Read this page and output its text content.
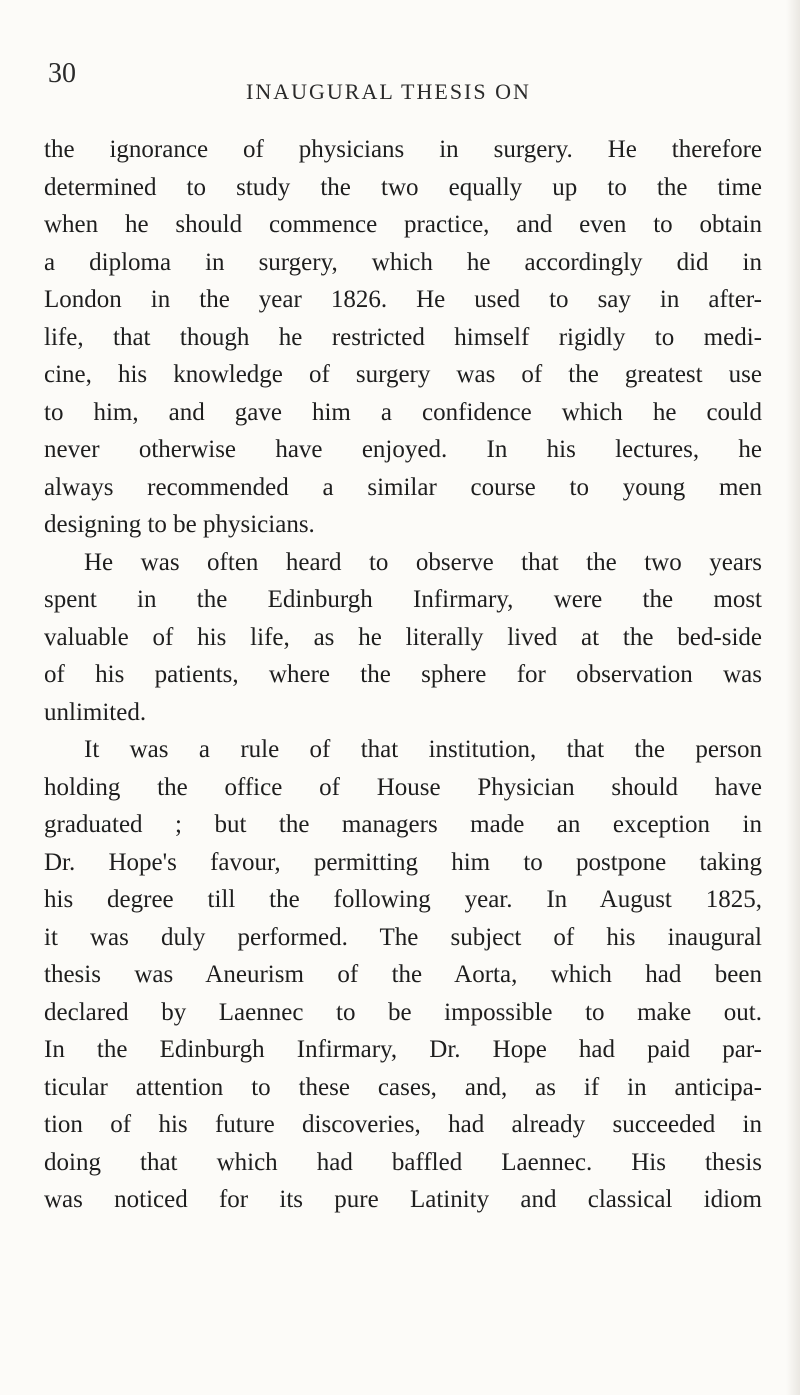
30
INAUGURAL THESIS ON
the ignorance of physicians in surgery. He therefore
determined to study the two equally up to the time
when he should commence practice, and even to obtain
a diploma in surgery, which he accordingly did in
London in the year 1826. He used to say in after-
life, that though he restricted himself rigidly to medi-
cine, his knowledge of surgery was of the greatest use
to him, and gave him a confidence which he could
never otherwise have enjoyed. In his lectures, he
always recommended a similar course to young men
designing to be physicians.
He was often heard to observe that the two years
spent in the Edinburgh Infirmary, were the most
valuable of his life, as he literally lived at the bed-side
of his patients, where the sphere for observation was
unlimited.
It was a rule of that institution, that the person
holding the office of House Physician should have
graduated ; but the managers made an exception in
Dr. Hope's favour, permitting him to postpone taking
his degree till the following year. In August 1825,
it was duly performed. The subject of his inaugural
thesis was Aneurism of the Aorta, which had been
declared by Laennec to be impossible to make out.
In the Edinburgh Infirmary, Dr. Hope had paid par-
ticular attention to these cases, and, as if in anticipa-
tion of his future discoveries, had already succeeded in
doing that which had baffled Laennec. His thesis
was noticed for its pure Latinity and classical idiom
